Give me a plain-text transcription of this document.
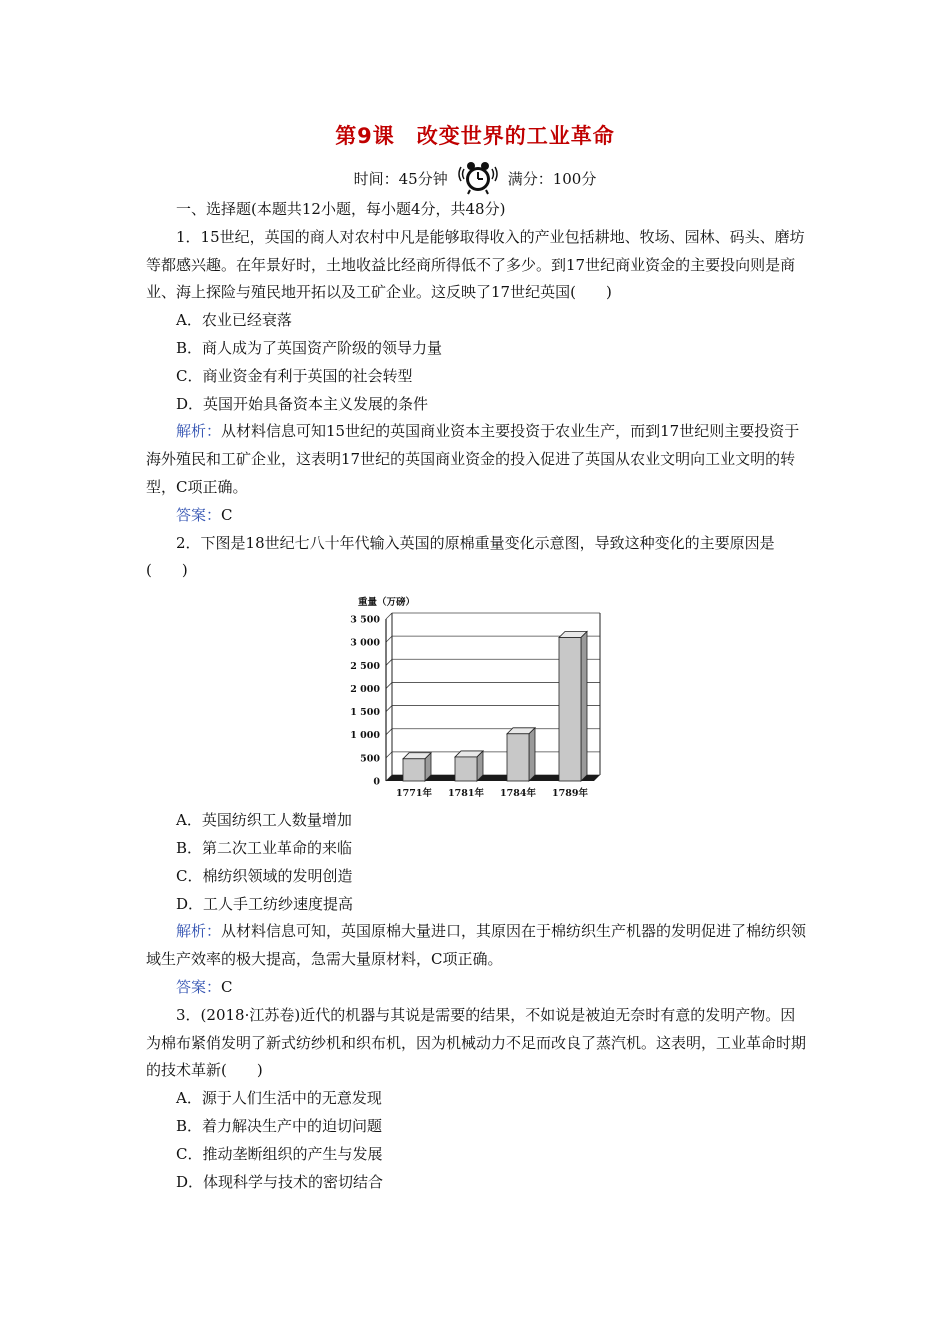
第9课　改变世界的工业革命
时间：45分钟	满分：100分

一、选择题(本题共12小题，每小题4分，共48分)

1．15世纪，英国的商人对农村中凡是能够取得收入的产业包括耕地、牧场、园林、码头、磨坊等都感兴趣。在年景好时，土地收益比经商所得低不了多少。到17世纪商业资金的主要投向则是商业、海上探险与殖民地开拓以及工矿企业。这反映了17世纪英国(　　)

A．农业已经衰落

B．商人成为了英国资产阶级的领导力量

C．商业资金有利于英国的社会转型

D．英国开始具备资本主义发展的条件

解析：从材料信息可知15世纪的英国商业资本主要投资于农业生产，而到17世纪则主要投资于海外殖民和工矿企业，这表明17世纪的英国商业资金的投入促进了英国从农业文明向工业文明的转型，C项正确。

答案：C

2．下图是18世纪七八十年代输入英国的原棉重量变化示意图，导致这种变化的主要原因是(　　)

重量（万磅）
0
500
1 000
1 500
2 000
2 500
3 000
3 500
1771年 1781年 1784年 1789年

A．英国纺织工人数量增加

B．第二次工业革命的来临

C．棉纺织领域的发明创造

D．工人手工纺纱速度提高

解析：从材料信息可知，英国原棉大量进口，其原因在于棉纺织生产机器的发明促进了棉纺织领域生产效率的极大提高，急需大量原材料，C项正确。

答案：C

3．(2018·江苏卷)近代的机器与其说是需要的结果，不如说是被迫无奈时有意的发明产物。因为棉布紧俏发明了新式纺纱机和织布机，因为机械动力不足而改良了蒸汽机。这表明，工业革命时期的技术革新(　　)

A．源于人们生活中的无意发现

B．着力解决生产中的迫切问题

C．推动垄断组织的产生与发展

D．体现科学与技术的密切结合
